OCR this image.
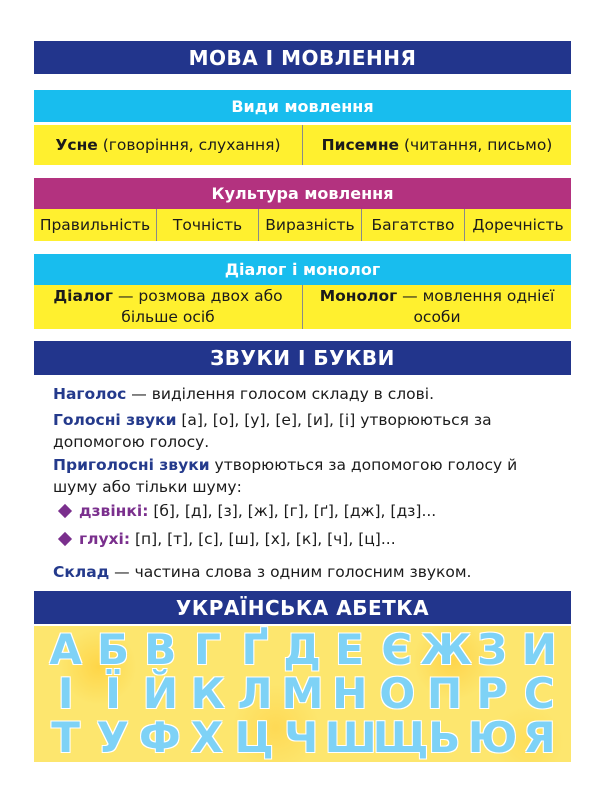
МОВА І МОВЛЕННЯ
Види мовлення
Усне (говоріння, слухання)	Писемне (читання, письмо)
Культура мовлення
Правильність Точність Виразність Багатство Доречність
Діалог і монолог
Діалог — розмова двох або більше осіб
Монолог — мовлення однієї особи
ЗВУКИ І БУКВИ
Наголос — виділення голосом складу в слові.
Голосні звуки [а], [о], [у], [е], [и], [і] утворюються за допомогою голосу.
Приголосні звуки утворюються за допомогою голосу й шуму або тільки шуму:
дзвінкі: [б], [д], [з], [ж], [г], [ґ], [дж], [дз]...
глухі: [п], [т], [с], [ш], [х], [к], [ч], [ц]...
Склад — частина слова з одним голосним звуком.
УКРАЇНСЬКА АБЕТКА
А Б В Г Ґ Д Е Є Ж З И
І Ї Й К Л М Н О П Р С
Т У Ф Х Ц Ч Ш
Щ Ь Ю Я
